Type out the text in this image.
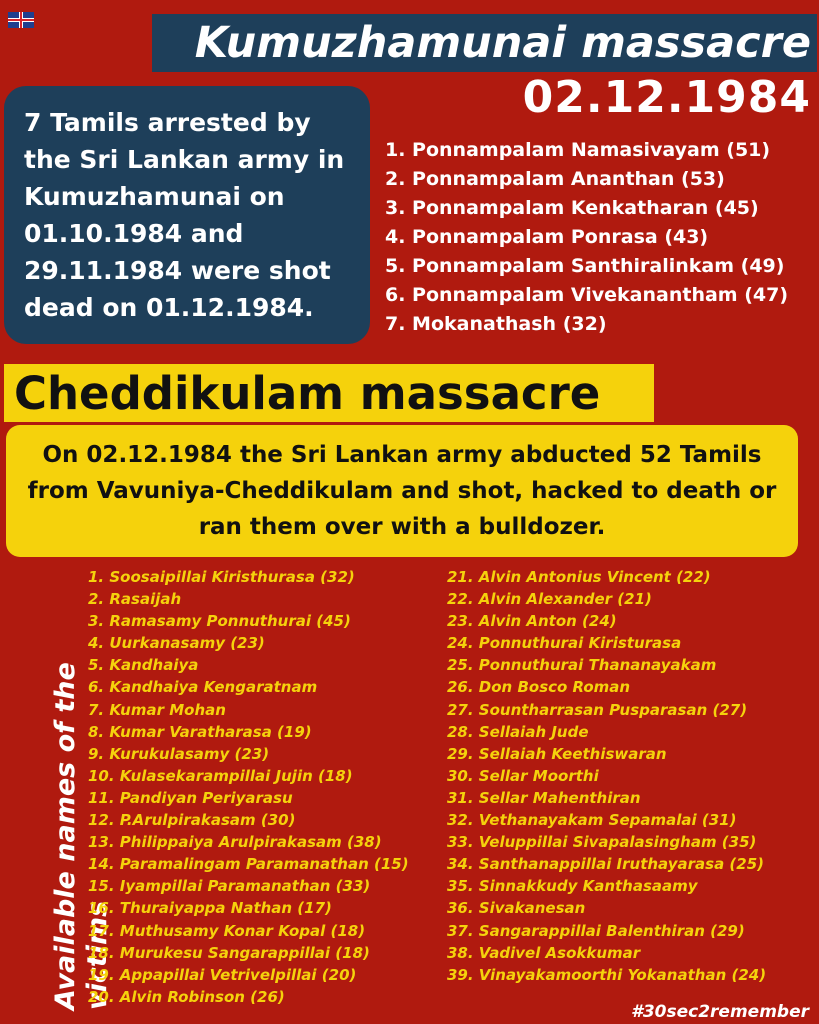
Kumuzhamunai massacre
02.12.1984
7 Tamils arrested by the Sri Lankan army in Kumuzhamunai on 01.10.1984 and 29.11.1984 were shot dead on 01.12.1984.
1. Ponnampalam Namasivayam (51)
2. Ponnampalam Ananthan (53)
3. Ponnampalam Kenkatharan (45)
4. Ponnampalam Ponrasa (43)
5. Ponnampalam Santhiralinkam (49)
6. Ponnampalam Vivekanantham (47)
7. Mokanathash (32)
Cheddikulam massacre
On 02.12.1984 the Sri Lankan army abducted 52 Tamils from Vavuniya-Cheddikulam and shot, hacked to death or ran them over with a bulldozer.
Available names of the victims
1. Soosaipillai Kiristhurasa (32)
2. Rasaijah
3. Ramasamy Ponnuthurai (45)
4. Uurkanasamy (23)
5. Kandhaiya
6. Kandhaiya Kengaratnam
7. Kumar Mohan
8. Kumar Varatharasa (19)
9. Kurukulasamy (23)
10. Kulasekarampillai Jujin (18)
11. Pandiyan Periyarasu
12. P.Arulpirakasam (30)
13. Philippaiya Arulpirakasam (38)
14. Paramalingam Paramanathan (15)
15. Iyampillai Paramanathan (33)
16. Thuraiyappa Nathan (17)
17. Muthusamy Konar Kopal (18)
18. Murukesu Sangarappillai (18)
19. Appapillai Vetrivelpillai (20)
20. Alvin Robinson (26)
21. Alvin Antonius Vincent (22)
22. Alvin Alexander (21)
23. Alvin Anton (24)
24. Ponnuthurai Kiristurasa
25. Ponnuthurai Thananayakam
26. Don Bosco Roman
27. Sountharrasan Pusparasan (27)
28. Sellaiah Jude
29. Sellaiah Keethiswaran
30. Sellar Moorthi
31. Sellar Mahenthiran
32. Vethanayakam Sepamalai (31)
33. Veluppillai Sivapalasingham (35)
34. Santhanappillai Iruthayarasa (25)
35. Sinnakkudy Kanthasaamy
36. Sivakanesan
37. Sangarappillai Balenthiran (29)
38. Vadivel Asokkumar
39. Vinayakamoorthi Yokanathan (24)
#30sec2remember
